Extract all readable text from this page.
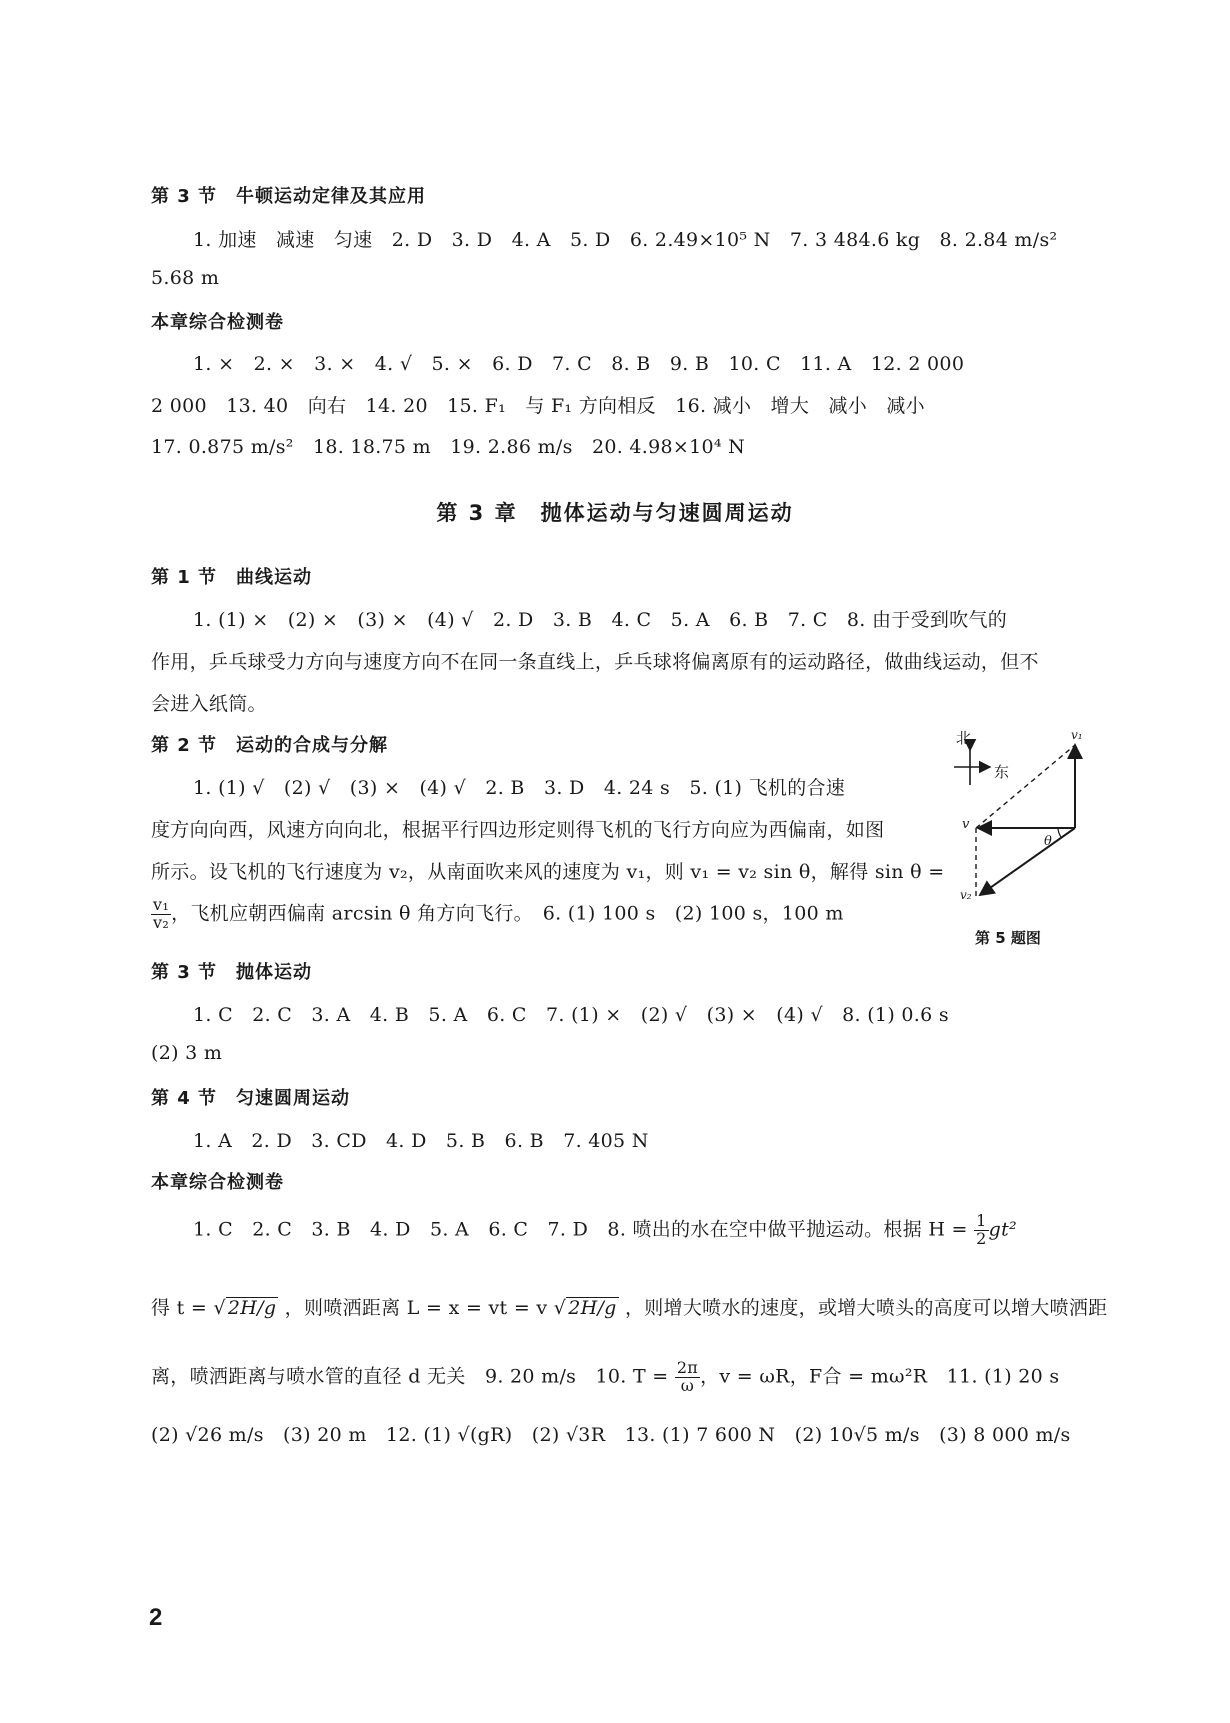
第 3 节　牛顿运动定律及其应用
1. 加速　减速　匀速　2. D　3. D　4. A　5. D　6. 2.49×10⁵ N　7. 3 484.6 kg　8. 2.84 m/s²
5.68 m
本章综合检测卷
1. ×　2. ×　3. ×　4. √　5. ×　6. D　7. C　8. B　9. B　10. C　11. A　12. 2 000
2 000　13. 40　向右　14. 20　15. F₁　与 F₁ 方向相反　16. 减小　增大　减小　减小
17. 0.875 m/s²　18. 18.75 m　19. 2.86 m/s　20. 4.98×10⁴ N
第 3 章　抛体运动与匀速圆周运动
第 1 节　曲线运动
1. (1) ×　(2) ×　(3) ×　(4) √　2. D　3. B　4. C　5. A　6. B　7. C　8. 由于受到吹气的
作用，乒乓球受力方向与速度方向不在同一条直线上，乒乓球将偏离原有的运动路径，做曲线运动，但不
会进入纸筒。
第 2 节　运动的合成与分解
1. (1) √　(2) √　(3) ×　(4) √　2. B　3. D　4. 24 s　5. (1) 飞机的合速
度方向向西，风速方向向北，根据平行四边形定则得飞机的飞行方向应为西偏南，如图
所示。设飞机的飞行速度为 v₂，从南面吹来风的速度为 v₁，则 v₁ = v₂ sin θ，解得 sin θ =
$\frac{\text{v₁}}{\text{v₂}}$ ，飞机应朝西偏南 arcsin θ 角方向飞行。　6. (1) 100 s　(2) 100 s，100 m
北
东
v₁
v
v₂
θ
第 5 题图
第 3 节　抛体运动
1. C　2. C　3. A　4. B　5. A　6. C　7. (1) ×　(2) √　(3) ×　(4) √　8. (1) 0.6 s
(2) 3 m
第 4 节　匀速圆周运动
1. A　2. D　3. CD　4. D　5. B　6. B　7. 405 N
本章综合检测卷
1. C　2. C　3. B　4. D　5. A　6. C　7. D　8. 喷出的水在空中做平抛运动。根据 $H = \frac{1}{2} gt^2$
得 t = √ 2H/g ，则喷洒距离 L = x = vt = v √ 2H/g ，则增大喷水的速度，或增大喷头的高度可以增大喷洒距
离，喷洒距离与喷水管的直径 d 无关　9. 20 m/s　10. $T = \frac{2\pi}{\omega}$ ，v = ωR，F合 = mω²R　11. (1) 20 s
(2) √26 m/s　(3) 20 m　12. (1) √(gR)　(2) √3R　13. (1) 7 600 N　(2) 10√5 m/s　(3) 8 000 m/s
2
